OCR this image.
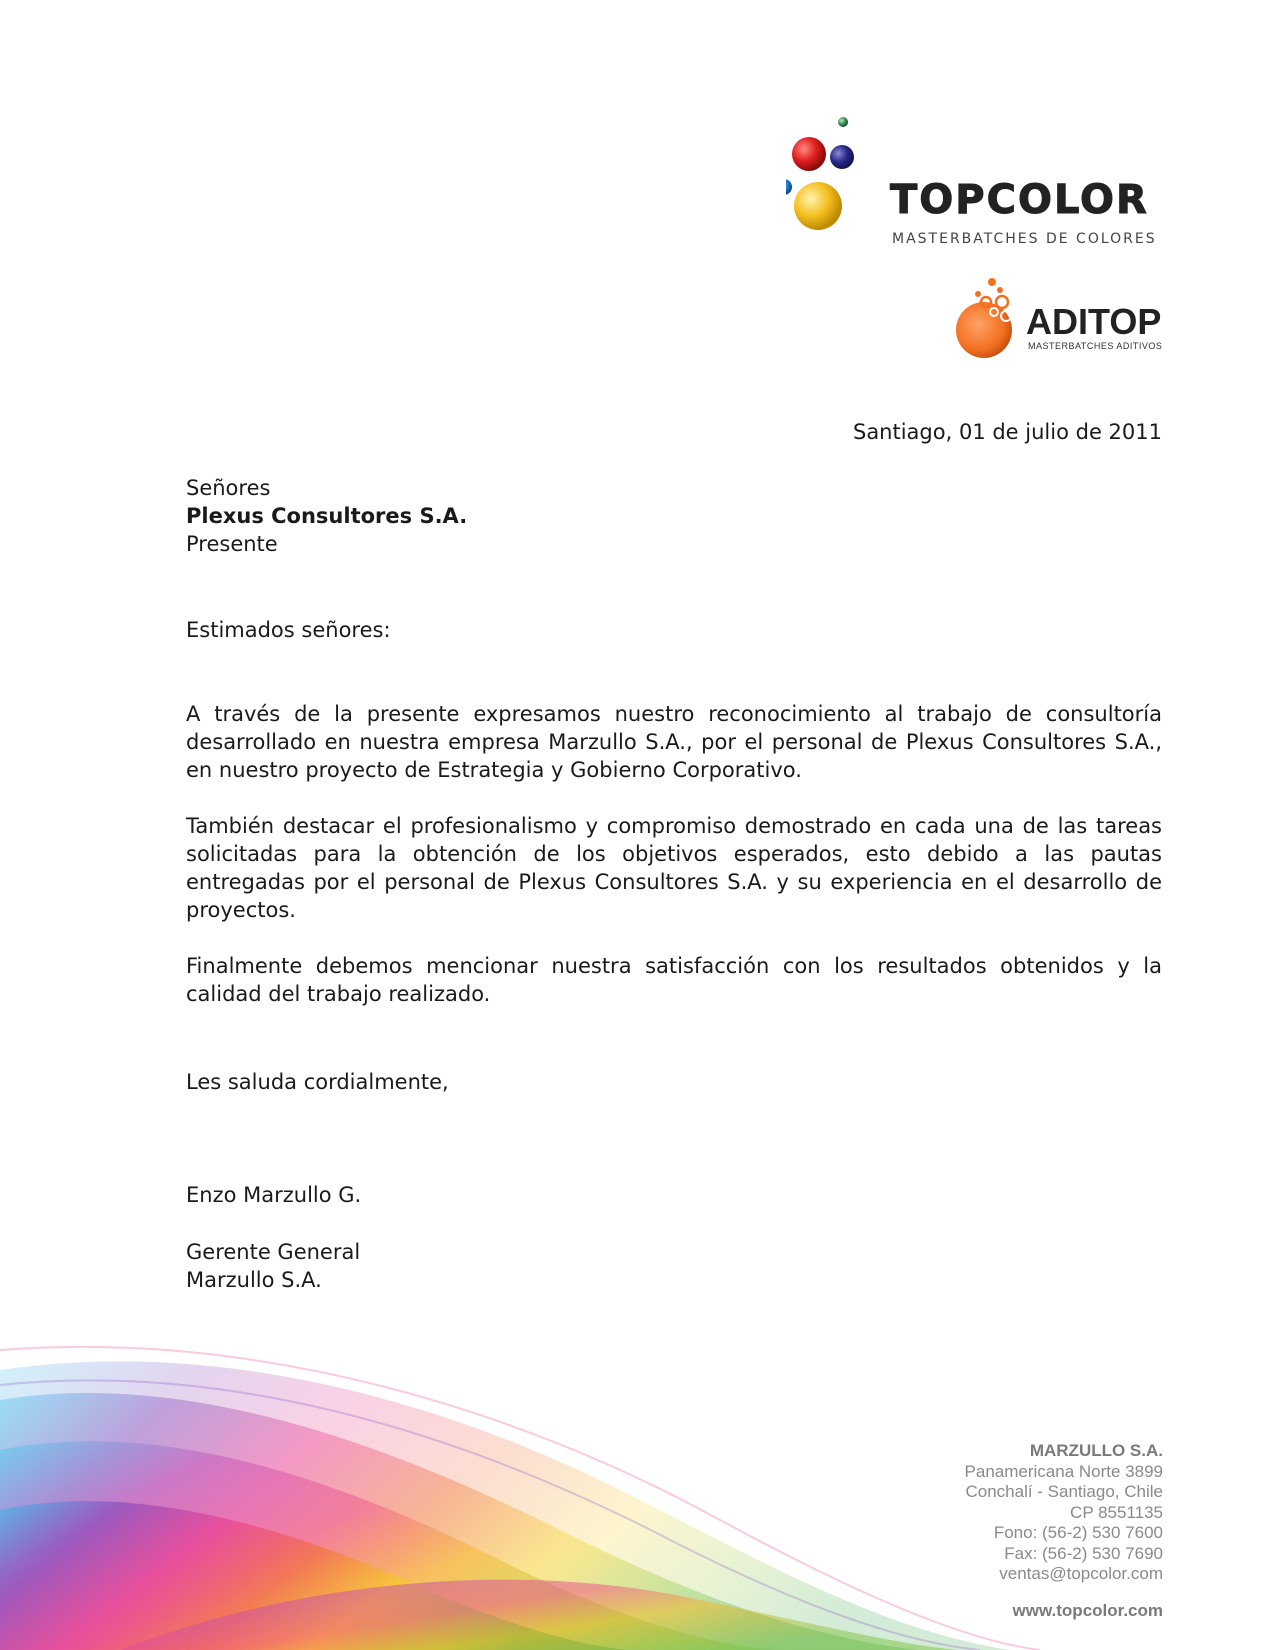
TOPCOLOR
MASTERBATCHES DE COLORES
ADITOP
MASTERBATCHES ADITIVOS
Santiago, 01 de julio de 2011
Señores
Plexus Consultores S.A.
Presente
Estimados señores:

A través de la presente expresamos nuestro reconocimiento al trabajo de consultoría desarrollado en nuestra empresa Marzullo S.A., por el personal de Plexus Consultores S.A., en nuestro proyecto de Estrategia y Gobierno Corporativo.

También destacar el profesionalismo y compromiso demostrado en cada una de las tareas solicitadas para la obtención de los objetivos esperados, esto debido a las pautas entregadas por el personal de Plexus Consultores S.A. y su experiencia en el desarrollo de proyectos.

Finalmente debemos mencionar nuestra satisfacción con los resultados obtenidos y la calidad del trabajo realizado.

Les saluda cordialmente,
Enzo Marzullo G.
Gerente General
Marzullo S.A.
MARZULLO S.A.
Panamericana Norte 3899
Conchalí - Santiago, Chile
CP 8551135
Fono: (56-2) 530 7600
Fax: (56-2) 530 7690
ventas@topcolor.com
www.topcolor.com
